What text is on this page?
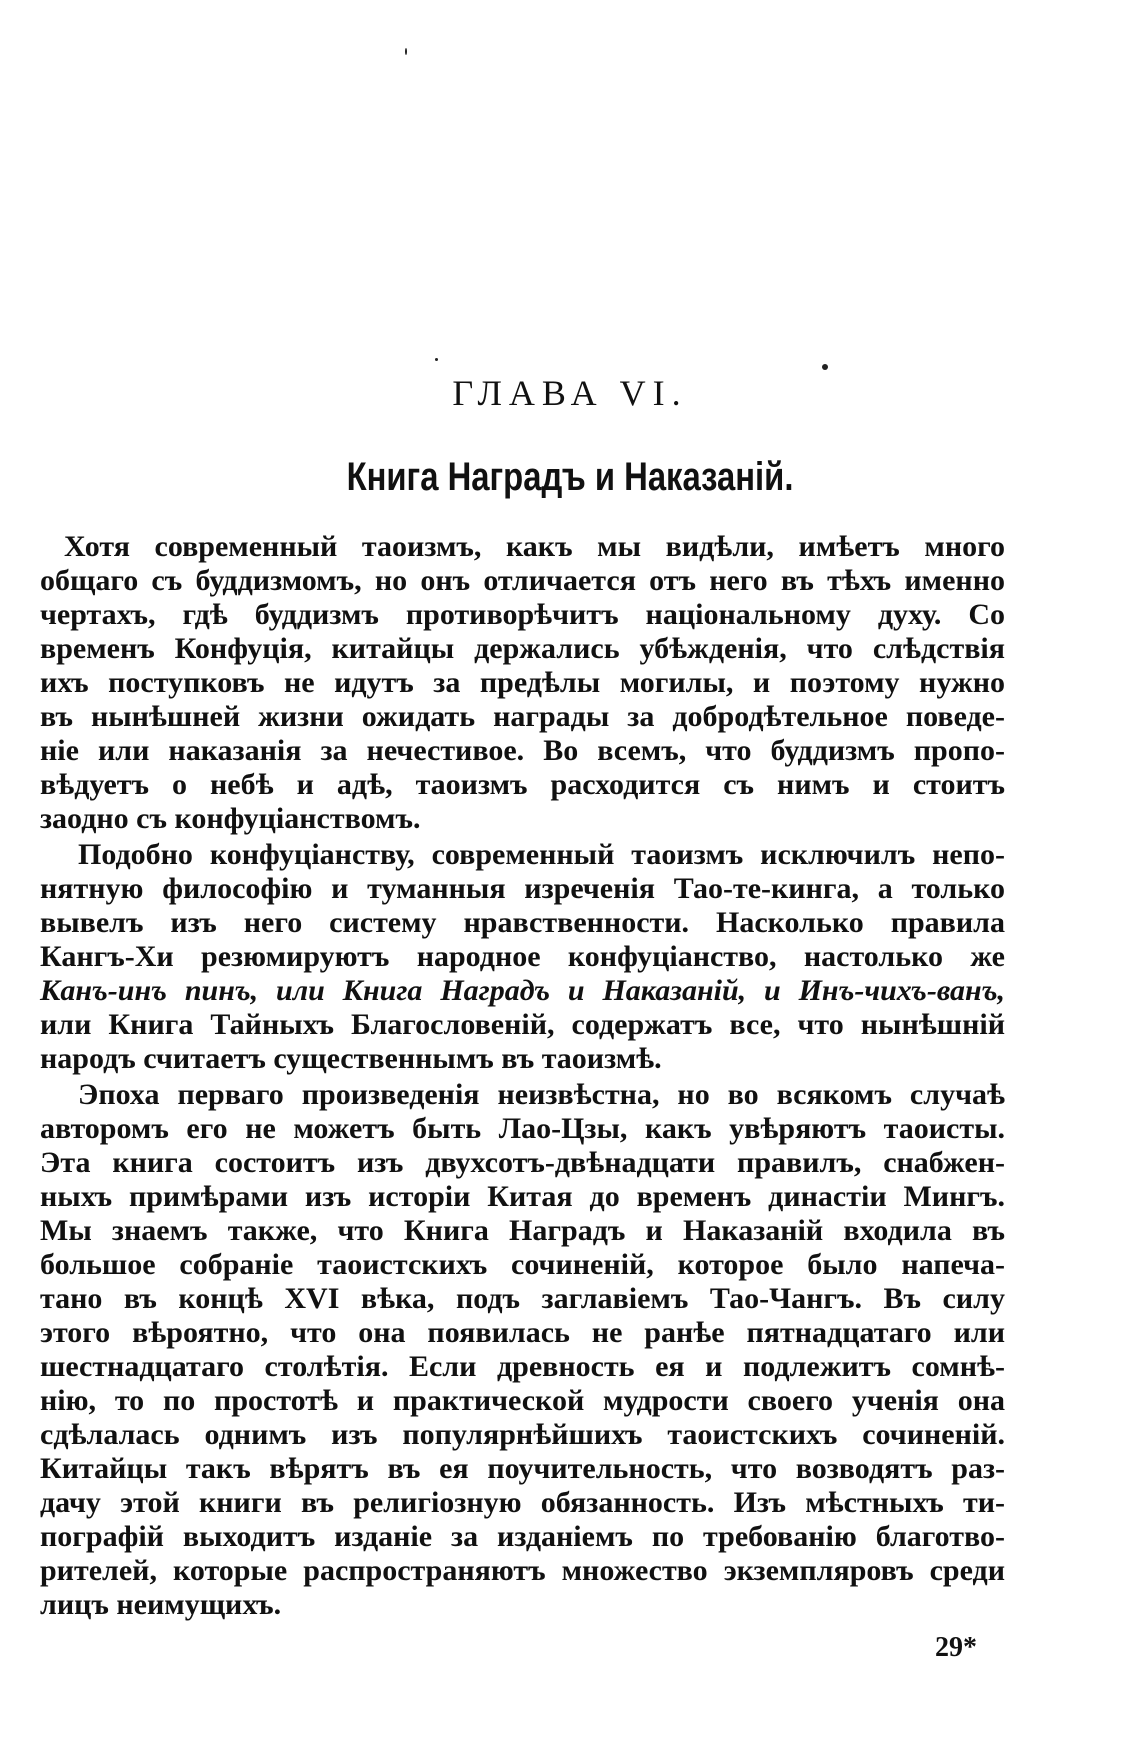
ГЛАВА VI.
Книга Наградъ и Наказаній.
Хотя современный таоизмъ, какъ мы видѣли, имѣетъ много
общаго съ буддизмомъ, но онъ отличается отъ него въ тѣхъ именно
чертахъ, гдѣ буддизмъ противорѣчитъ національному духу. Со
временъ Конфуція, китайцы держались убѣжденія, что слѣдствія
ихъ поступковъ не идутъ за предѣлы могилы, и поэтому нужно
въ нынѣшней жизни ожидать награды за добродѣтельное поведе-
ніе или наказанія за нечестивое. Во всемъ, что буддизмъ пропо-
вѣдуетъ о небѣ и адѣ, таоизмъ расходится съ нимъ и стоитъ
заодно съ конфуціанствомъ.
Подобно конфуціанству, современный таоизмъ исключилъ непо-
нятную философію и туманныя изреченія Тао-те-кинга, а только
вывелъ изъ него систему нравственности. Насколько правила
Кангъ-Хи резюмируютъ народное конфуціанство, настолько же
Канъ-инъ пинъ, или Книга Наградъ и Наказаній, и Инъ-чихъ-ванъ,
или Книга Тайныхъ Благословеній, содержатъ все, что нынѣшній
народъ считаетъ существеннымъ въ таоизмѣ.
Эпоха перваго произведенія неизвѣстна, но во всякомъ случаѣ
авторомъ его не можетъ быть Лао-Цзы, какъ увѣряютъ таоисты.
Эта книга состоитъ изъ двухсотъ-двѣнадцати правилъ, снабжен-
ныхъ примѣрами изъ исторіи Китая до временъ династіи Мингъ.
Мы знаемъ также, что Книга Наградъ и Наказаній входила въ
большое собраніе таоистскихъ сочиненій, которое было напеча-
тано въ концѣ XVI вѣка, подъ заглавіемъ Тао-Чангъ. Въ силу
этого вѣроятно, что она появилась не ранѣе пятнадцатаго или
шестнадцатаго столѣтія. Если древность ея и подлежитъ сомнѣ-
нію, то по простотѣ и практической мудрости своего ученія она
сдѣлалась однимъ изъ популярнѣйшихъ таоистскихъ сочиненій.
Китайцы такъ вѣрятъ въ ея поучительность, что возводятъ раз-
дачу этой книги въ религіозную обязанность. Изъ мѣстныхъ ти-
пографій выходитъ изданіе за изданіемъ по требованію благотво-
рителей, которые распространяютъ множество экземпляровъ среди
лицъ неимущихъ.
29*
